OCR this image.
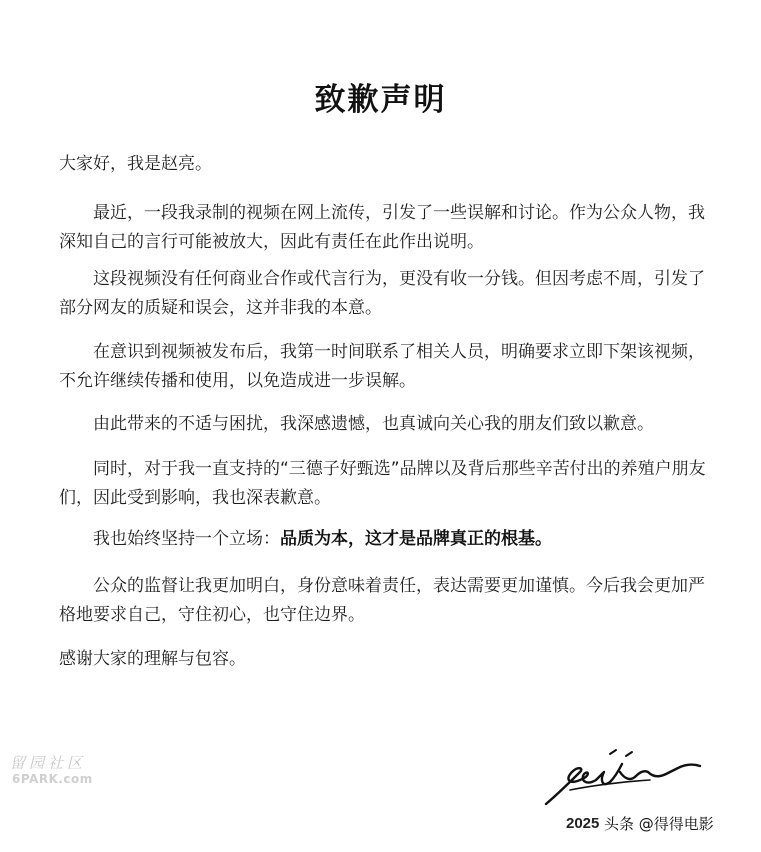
致歉声明

大家好，我是赵亮。

最近，一段我录制的视频在网上流传，引发了一些误解和讨论。作为公众人物，我深知自己的言行可能被放大，因此有责任在此作出说明。

这段视频没有任何商业合作或代言行为，更没有收一分钱。但因考虑不周，引发了部分网友的质疑和误会，这并非我的本意。

在意识到视频被发布后，我第一时间联系了相关人员，明确要求立即下架该视频，不允许继续传播和使用，以免造成进一步误解。

由此带来的不适与困扰，我深感遗憾，也真诚向关心我的朋友们致以歉意。

同时，对于我一直支持的“三德子好甄选”品牌以及背后那些辛苦付出的养殖户朋友们，因此受到影响，我也深表歉意。

我也始终坚持一个立场：品质为本，这才是品牌真正的根基。

公众的监督让我更加明白，身份意味着责任，表达需要更加谨慎。今后我会更加严格地要求自己，守住初心，也守住边界。

感谢大家的理解与包容。

留园社区
6PARK.com
2025 头条 @得得电影
